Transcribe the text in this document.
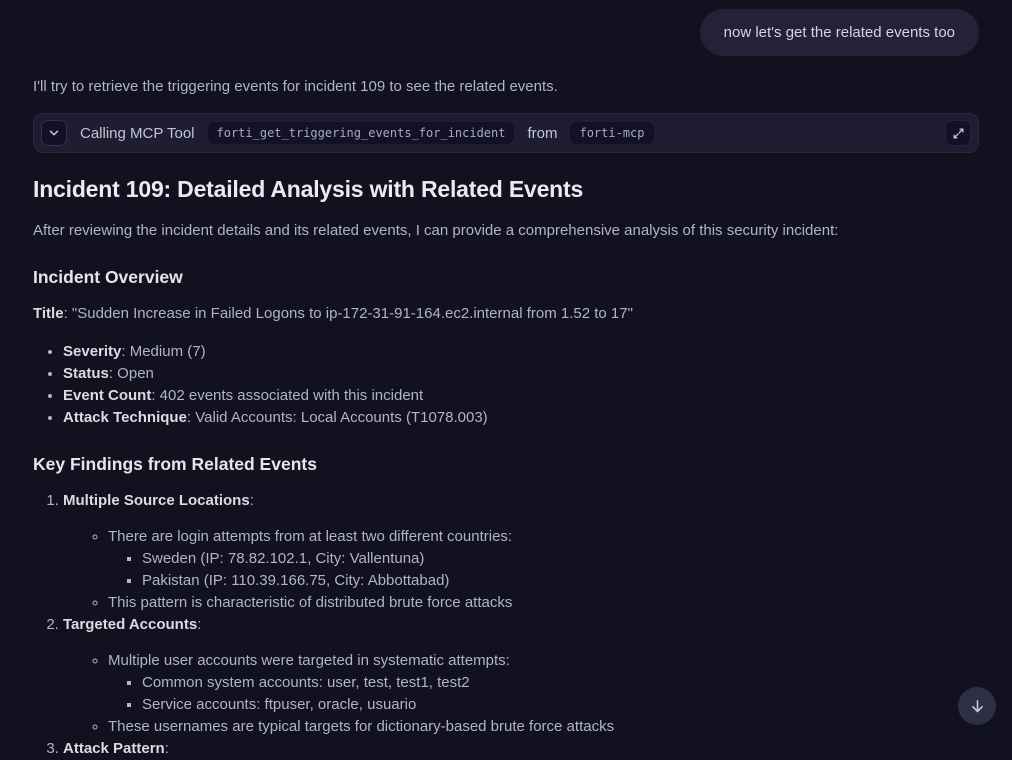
now let's get the related events too

I'll try to retrieve the triggering events for incident 109 to see the related events.

Calling MCP Tool	forti_get_triggering_events_for_incident	from	forti-mcp
Incident 109: Detailed Analysis with Related Events

After reviewing the incident details and its related events, I can provide a comprehensive analysis of this security incident:

Incident Overview

Title: "Sudden Increase in Failed Logons to ip-172-31-91-164.ec2.internal from 1.52 to 17"

• Severity: Medium (7)
• Status: Open
• Event Count: 402 events associated with this incident
• Attack Technique: Valid Accounts: Local Accounts (T1078.003)
Key Findings from Related Events

1. Multiple Source Locations:

◦ There are login attempts from at least two different countries:
▪ Sweden (IP: 78.82.102.1, City: Vallentuna)
▪ Pakistan (IP: 110.39.166.75, City: Abbottabad)
◦ This pattern is characteristic of distributed brute force attacks

2. Targeted Accounts:

◦ Multiple user accounts were targeted in systematic attempts:
▪ Common system accounts: user, test, test1, test2
▪ Service accounts: ftpuser, oracle, usuario
◦ These usernames are typical targets for dictionary-based brute force attacks

3. Attack Pattern:
